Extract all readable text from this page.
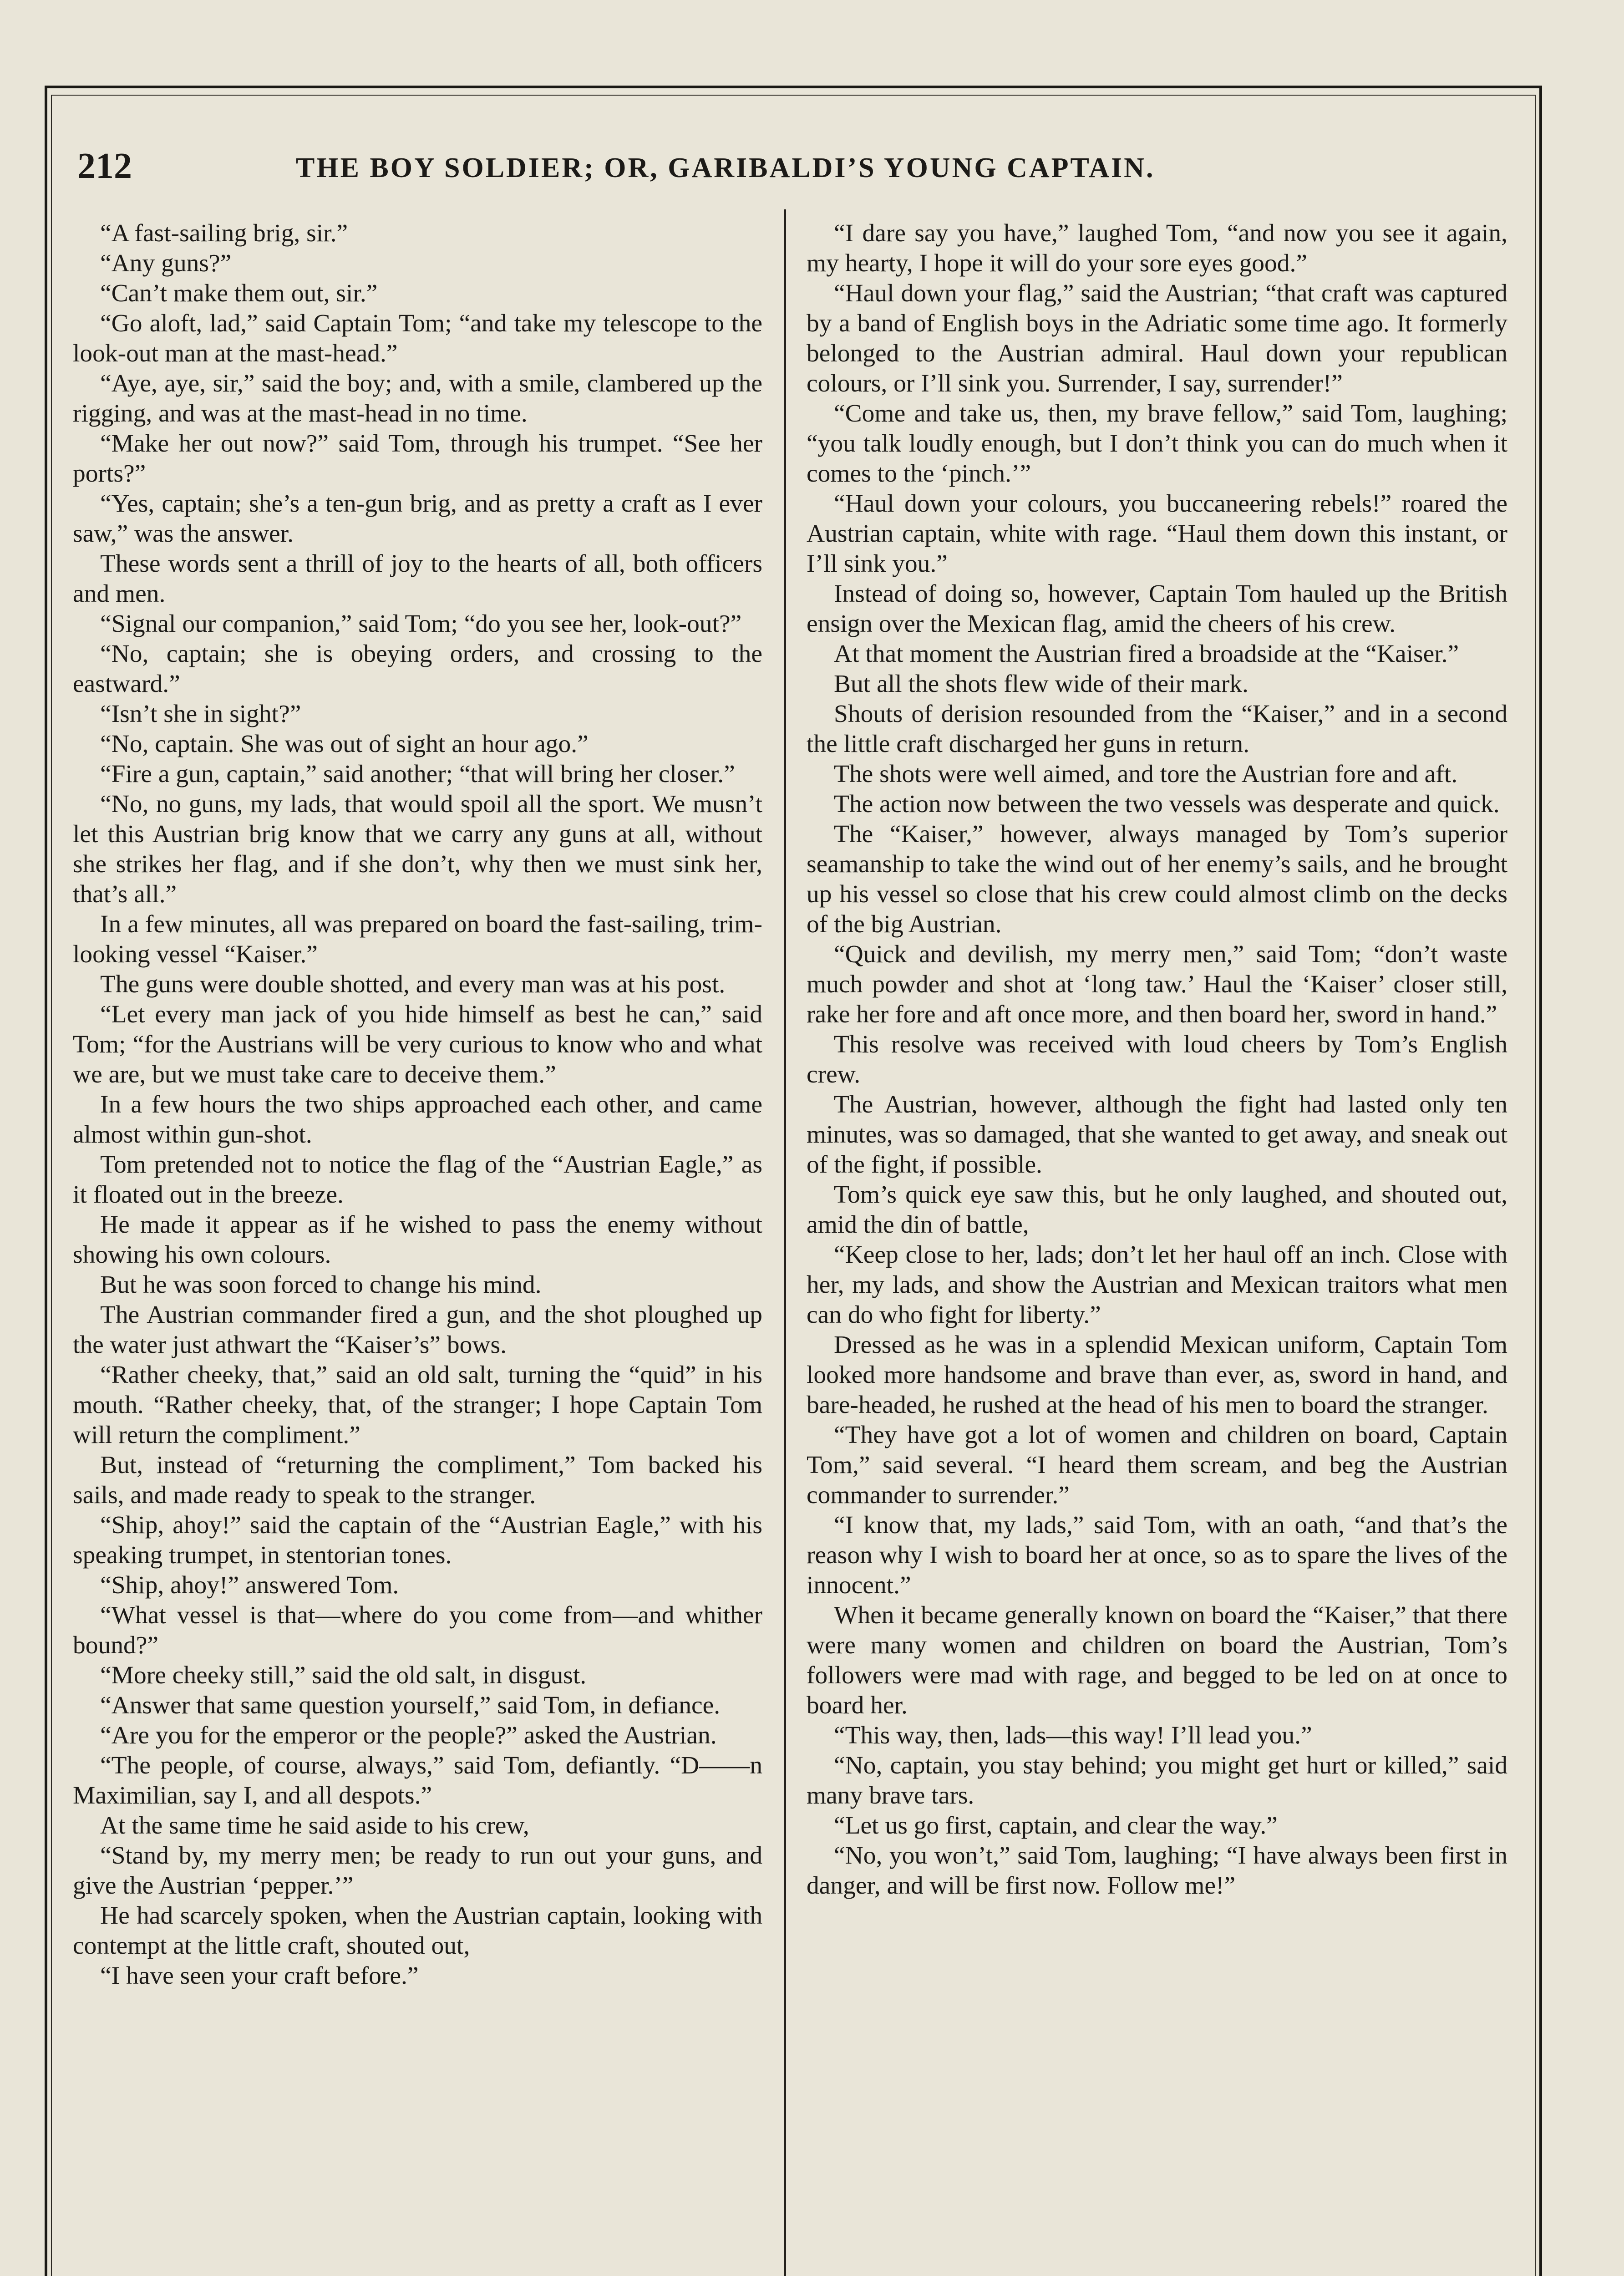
212	THE BOY SOLDIER; OR, GARIBALDI’S YOUNG CAPTAIN.

“A fast-sailing brig, sir.”

“Any guns?”

“Can’t make them out, sir.”

“Go aloft, lad,” said Captain Tom; “and take my telescope to the look-out man at the mast-head.”

“Aye, aye, sir,” said the boy; and, with a smile, clambered up the rigging, and was at the mast-head in no time.

“Make her out now?” said Tom, through his trumpet. “See her ports?”

“Yes, captain; she’s a ten-gun brig, and as pretty a craft as I ever saw,” was the answer.

These words sent a thrill of joy to the hearts of all, both officers and men.

“Signal our companion,” said Tom; “do you see her, look-out?”

“No, captain; she is obeying orders, and crossing to the eastward.”

“Isn’t she in sight?”

“No, captain. She was out of sight an hour ago.”

“Fire a gun, captain,” said another; “that will bring her closer.”

“No, no guns, my lads, that would spoil all the sport. We musn’t let this Austrian brig know that we carry any guns at all, without she strikes her flag, and if she don’t, why then we must sink her, that’s all.”

In a few minutes, all was prepared on board the fast-sailing, trim-looking vessel “Kaiser.”

The guns were double shotted, and every man was at his post.

“Let every man jack of you hide himself as best he can,” said Tom; “for the Austrians will be very curious to know who and what we are, but we must take care to deceive them.”

In a few hours the two ships approached each other, and came almost within gun-shot.

Tom pretended not to notice the flag of the “Austrian Eagle,” as it floated out in the breeze.

He made it appear as if he wished to pass the enemy without showing his own colours.

But he was soon forced to change his mind.

The Austrian commander fired a gun, and the shot ploughed up the water just athwart the “Kaiser’s” bows.

“Rather cheeky, that,” said an old salt, turning the “quid” in his mouth. “Rather cheeky, that, of the stranger; I hope Captain Tom will return the compliment.”

But, instead of “returning the compliment,” Tom backed his sails, and made ready to speak to the stranger.

“Ship, ahoy!” said the captain of the “Austrian Eagle,” with his speaking trumpet, in stentorian tones.

“Ship, ahoy!” answered Tom.

“What vessel is that—where do you come from—and whither bound?”

“More cheeky still,” said the old salt, in disgust.

“Answer that same question yourself,” said Tom, in defiance.

“Are you for the emperor or the people?” asked the Austrian.

“The people, of course, always,” said Tom, defiantly. “D——n Maximilian, say I, and all despots.”

At the same time he said aside to his crew,

“Stand by, my merry men; be ready to run out your guns, and give the Austrian ‘pepper.’”

He had scarcely spoken, when the Austrian captain, looking with contempt at the little craft, shouted out,

“I have seen your craft before.”

“I dare say you have,” laughed Tom, “and now you see it again, my hearty, I hope it will do your sore eyes good.”

“Haul down your flag,” said the Austrian; “that craft was captured by a band of English boys in the Adriatic some time ago. It formerly belonged to the Austrian admiral. Haul down your republican colours, or I’ll sink you. Surrender, I say, surrender!”

“Come and take us, then, my brave fellow,” said Tom, laughing; “you talk loudly enough, but I don’t think you can do much when it comes to the ‘pinch.’”

“Haul down your colours, you buccaneering rebels!” roared the Austrian captain, white with rage. “Haul them down this instant, or I’ll sink you.”

Instead of doing so, however, Captain Tom hauled up the British ensign over the Mexican flag, amid the cheers of his crew.

At that moment the Austrian fired a broadside at the “Kaiser.”

But all the shots flew wide of their mark.

Shouts of derision resounded from the “Kaiser,” and in a second the little craft discharged her guns in return.

The shots were well aimed, and tore the Austrian fore and aft.

The action now between the two vessels was desperate and quick.

The “Kaiser,” however, always managed by Tom’s superior seamanship to take the wind out of her enemy’s sails, and he brought up his vessel so close that his crew could almost climb on the decks of the big Austrian.

“Quick and devilish, my merry men,” said Tom; “don’t waste much powder and shot at ‘long taw.’ Haul the ‘Kaiser’ closer still, rake her fore and aft once more, and then board her, sword in hand.”

This resolve was received with loud cheers by Tom’s English crew.

The Austrian, however, although the fight had lasted only ten minutes, was so damaged, that she wanted to get away, and sneak out of the fight, if possible.

Tom’s quick eye saw this, but he only laughed, and shouted out, amid the din of battle,

“Keep close to her, lads; don’t let her haul off an inch. Close with her, my lads, and show the Austrian and Mexican traitors what men can do who fight for liberty.”

Dressed as he was in a splendid Mexican uniform, Captain Tom looked more handsome and brave than ever, as, sword in hand, and bare-headed, he rushed at the head of his men to board the stranger.

“They have got a lot of women and children on board, Captain Tom,” said several. “I heard them scream, and beg the Austrian commander to surrender.”

“I know that, my lads,” said Tom, with an oath, “and that’s the reason why I wish to board her at once, so as to spare the lives of the innocent.”

When it became generally known on board the “Kaiser,” that there were many women and children on board the Austrian, Tom’s followers were mad with rage, and begged to be led on at once to board her.

“This way, then, lads—this way! I’ll lead you.”

“No, captain, you stay behind; you might get hurt or killed,” said many brave tars.

“Let us go first, captain, and clear the way.”

“No, you won’t,” said Tom, laughing; “I have always been first in danger, and will be first now. Follow me!”
